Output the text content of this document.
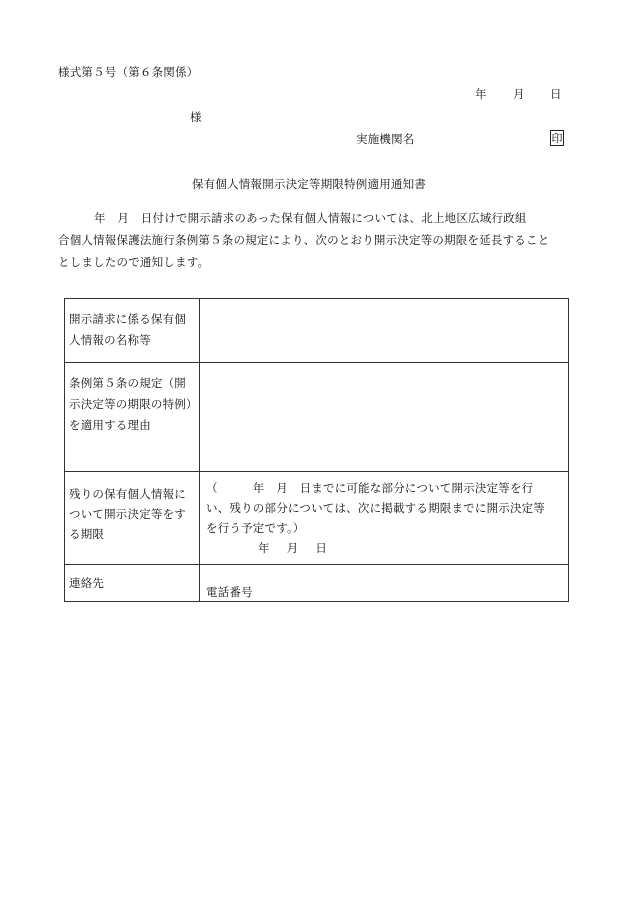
様式第５号（第６条関係）
年 月 日
様
実施機関名	印
保有個人情報開示決定等期限特例適用通知書
年　月　日付けで開示請求のあった保有個人情報については、北上地区広域行政組
合個人情報保護法施行条例第５条の規定により、次のとおり開示決定等の期限を延長すること
としましたので通知します。
開示請求に係る保有個人情報の名称等	

条例第５条の規定（開示決定等の期限の特例）を適用する理由	

残りの保有個人情報について開示決定等をする期限	（　　　年　月　日までに可能な部分について開示決定等を行
い、残りの部分については、次に掲載する期限までに開示決定等
を行う予定です。）
年 月 日

連絡先	電話番号
